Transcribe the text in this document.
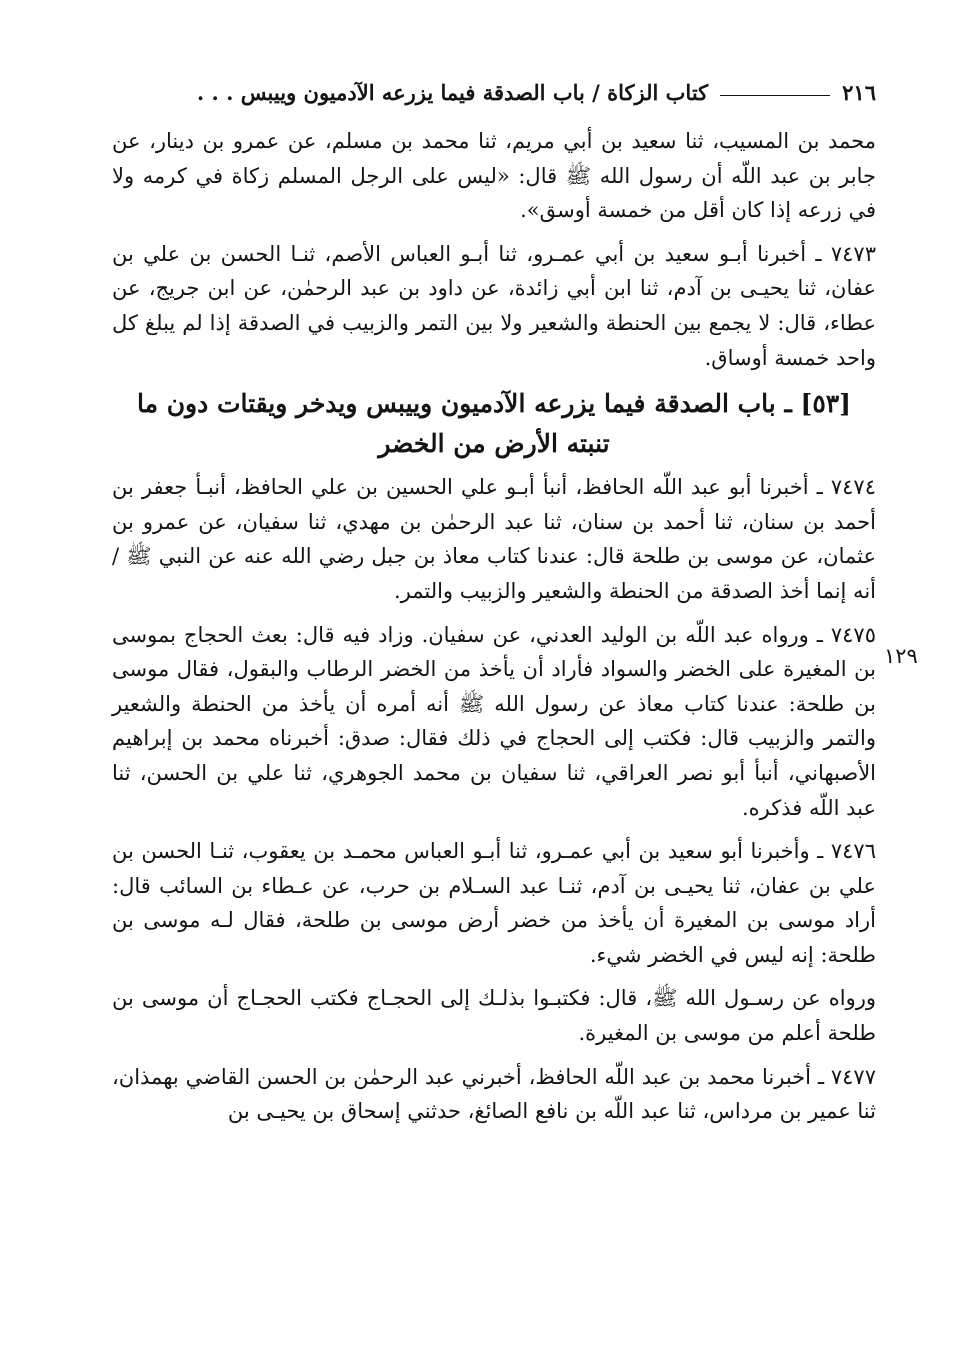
٢١٦
كتاب الزكاة / باب الصدقة فيما يزرعه الآدميون وييبس . . .
١٢٩

محمد بن المسيب، ثنا سعيد بن أبي مريم، ثنا محمد بن مسلم، عن عمرو بن دينار، عن جابر بن عبد اللّه أن رسول الله ﷺ قال: «ليس على الرجل المسلم زكاة في كرمه ولا في زرعه إذا كان أقل من خمسة أوسق».

٧٤٧٣ ـ أخبرنا أبـو سعيد بن أبي عمـرو، ثنا أبـو العباس الأصم، ثنـا الحسن بن علي بن عفان، ثنا يحيـى بن آدم، ثنا ابن أبي زائدة، عن داود بن عبد الرحمٰن، عن ابن جريج، عن عطاء، قال: لا يجمع بين الحنطة والشعير ولا بين التمر والزبيب في الصدقة إذا لم يبلغ كل واحد خمسة أوساق.

[٥٣] ـ باب الصدقة فيما يزرعه الآدميون وييبس ويدخر ويقتات دون ما تنبته الأرض من الخضر

٧٤٧٤ ـ أخبرنا أبو عبد اللّه الحافظ، أنبأ أبـو علي الحسين بن علي الحافظ، أنبـأ جعفر بن أحمد بن سنان، ثنا أحمد بن سنان، ثنا عبد الرحمٰن بن مهدي، ثنا سفيان، عن عمرو بن عثمان، عن موسى بن طلحة قال: عندنا كتاب معاذ بن جبل رضي الله عنه عن النبي ﷺ / أنه إنما أخذ الصدقة من الحنطة والشعير والزبيب والتمر.

٧٤٧٥ ـ ورواه عبد اللّه بن الوليد العدني، عن سفيان. وزاد فيه قال: بعث الحجاج بموسى بن المغيرة على الخضر والسواد فأراد أن يأخذ من الخضر الرطاب والبقول، فقال موسى بن طلحة: عندنا كتاب معاذ عن رسول الله ﷺ أنه أمره أن يأخذ من الحنطة والشعير والتمر والزبيب قال: فكتب إلى الحجاج في ذلك فقال: صدق: أخبرناه محمد بن إبراهيم الأصبهاني، أنبأ أبو نصر العراقي، ثنا سفيان بن محمد الجوهري، ثنا علي بن الحسن، ثنا عبد اللّه فذكره.

٧٤٧٦ ـ وأخبرنا أبو سعيد بن أبي عمـرو، ثنا أبـو العباس محمـد بن يعقوب، ثنـا الحسن بن علي بن عفان، ثنا يحيـى بن آدم، ثنـا عبد السـلام بن حرب، عن عـطاء بن السائب قال: أراد موسى بن المغيرة أن يأخذ من خضر أرض موسى بن طلحة، فقال لـه موسى بن طلحة: إنه ليس في الخضر شيء.

ورواه عن رسـول الله ﷺ، قال: فكتبـوا بذلـك إلى الحجـاج فكتب الحجـاج أن موسى بن طلحة أعلم من موسى بن المغيرة.

٧٤٧٧ ـ أخبرنا محمد بن عبد اللّه الحافظ، أخبرني عبد الرحمٰن بن الحسن القاضي بهمذان، ثنا عمير بن مرداس، ثنا عبد اللّه بن نافع الصائغ، حدثني إسحاق بن يحيـى بن
